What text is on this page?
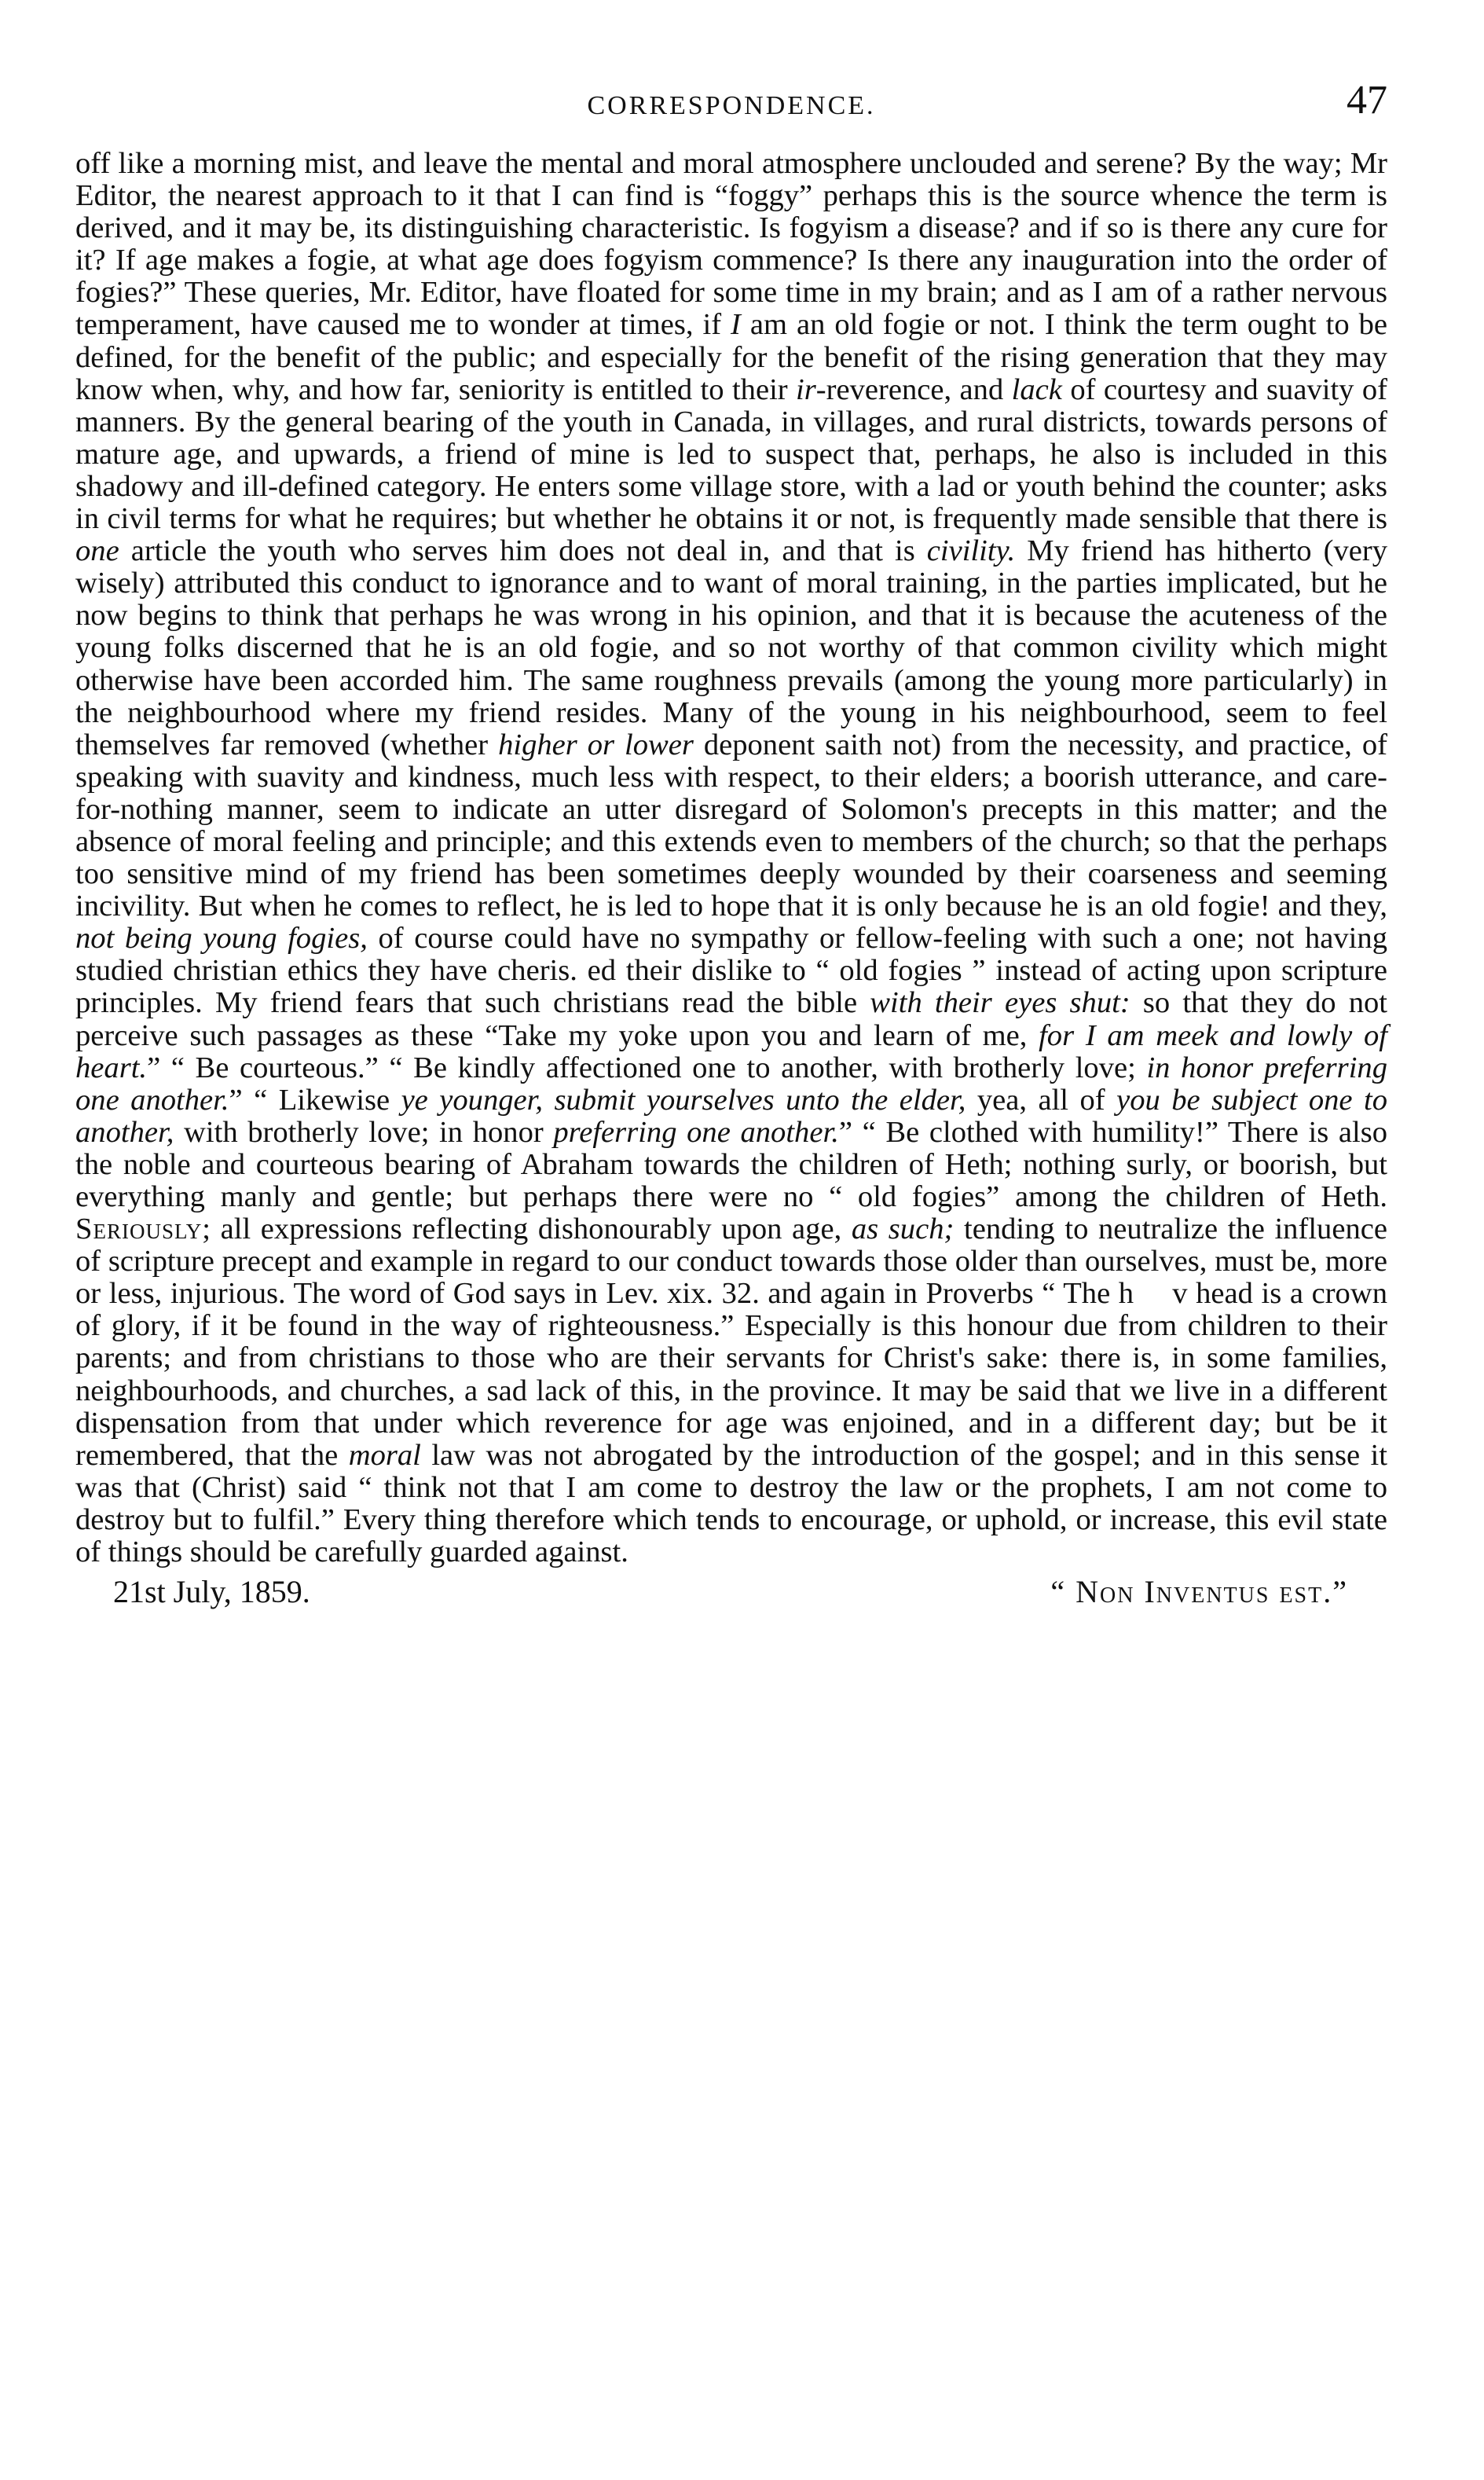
CORRESPONDENCE.	47

off like a morning mist, and leave the mental and moral atmosphere unclouded and serene? By the way; Mr Editor, the nearest approach to it that I can find is “foggy” perhaps this is the source whence the term is derived, and it may be, its distinguishing characteristic. Is fogyism a disease? and if so is there any cure for it? If age makes a fogie, at what age does fogyism commence? Is there any inauguration into the order of fogies?” These queries, Mr. Editor, have floated for some time in my brain; and as I am of a rather nervous temperament, have caused me to wonder at times, if I am an old fogie or not. I think the term ought to be defined, for the benefit of the public; and especially for the benefit of the rising generation that they may know when, why, and how far, seniority is entitled to their ir-reverence, and lack of courtesy and suavity of manners. By the general bearing of the youth in Canada, in villages, and rural districts, towards persons of mature age, and upwards, a friend of mine is led to suspect that, perhaps, he also is included in this shadowy and ill-defined category. He enters some village store, with a lad or youth behind the counter; asks in civil terms for what he requires; but whether he obtains it or not, is frequently made sensible that there is one article the youth who serves him does not deal in, and that is civility. My friend has hitherto (very wisely) attributed this conduct to ignorance and to want of moral training, in the parties implicated, but he now begins to think that perhaps he was wrong in his opinion, and that it is because the acuteness of the young folks discerned that he is an old fogie, and so not worthy of that common civility which might otherwise have been accorded him. The same roughness prevails (among the young more particularly) in the neighbourhood where my friend resides. Many of the young in his neighbourhood, seem to feel themselves far removed (whether higher or lower deponent saith not) from the necessity, and practice, of speaking with suavity and kindness, much less with respect, to their elders; a boorish utterance, and care-for-nothing manner, seem to indicate an utter disregard of Solomon's precepts in this matter; and the absence of moral feeling and principle; and this extends even to members of the church; so that the perhaps too sensitive mind of my friend has been sometimes deeply wounded by their coarseness and seeming incivility. But when he comes to reflect, he is led to hope that it is only because he is an old fogie! and they, not being young fogies, of course could have no sympathy or fellow-feeling with such a one; not having studied christian ethics they have cheris. ed their dislike to “ old fogies ” instead of acting upon scripture principles. My friend fears that such christians read the bible with their eyes shut: so that they do not perceive such passages as these “Take my yoke upon you and learn of me, for I am meek and lowly of heart.” “ Be courteous.” “ Be kindly affectioned one to another, with brotherly love; in honor preferring one another.” “ Likewise ye younger, submit yourselves unto the elder, yea, all of you be subject one to another, with brotherly love; in honor preferring one another.” “ Be clothed with humility!” There is also the noble and courteous bearing of Abraham towards the children of Heth; nothing surly, or boorish, but everything manly and gentle; but perhaps there were no “ old fogies” among the children of Heth. Seriously; all expressions reflecting dishonourably upon age, as such; tending to neutralize the influence of scripture precept and example in regard to our conduct towards those older than ourselves, must be, more or less, injurious. The word of God says in Lev. xix. 32. and again in Proverbs “ The h  v head is a crown of glory, if it be found in the way of righteousness.” Especially is this honour due from children to their parents; and from christians to those who are their servants for Christ's sake: there is, in some families, neighbourhoods, and churches, a sad lack of this, in the province. It may be said that we live in a different dispensation from that under which reverence for age was enjoined, and in a different day; but be it remembered, that the moral law was not abrogated by the introduction of the gospel; and in this sense it was that (Christ) said “ think not that I am come to destroy the law or the prophets, I am not come to destroy but to fulfil.” Every thing therefore which tends to encourage, or uphold, or increase, this evil state of things should be carefully guarded against.

21st July, 1859.	“ Non Inventus est.”
